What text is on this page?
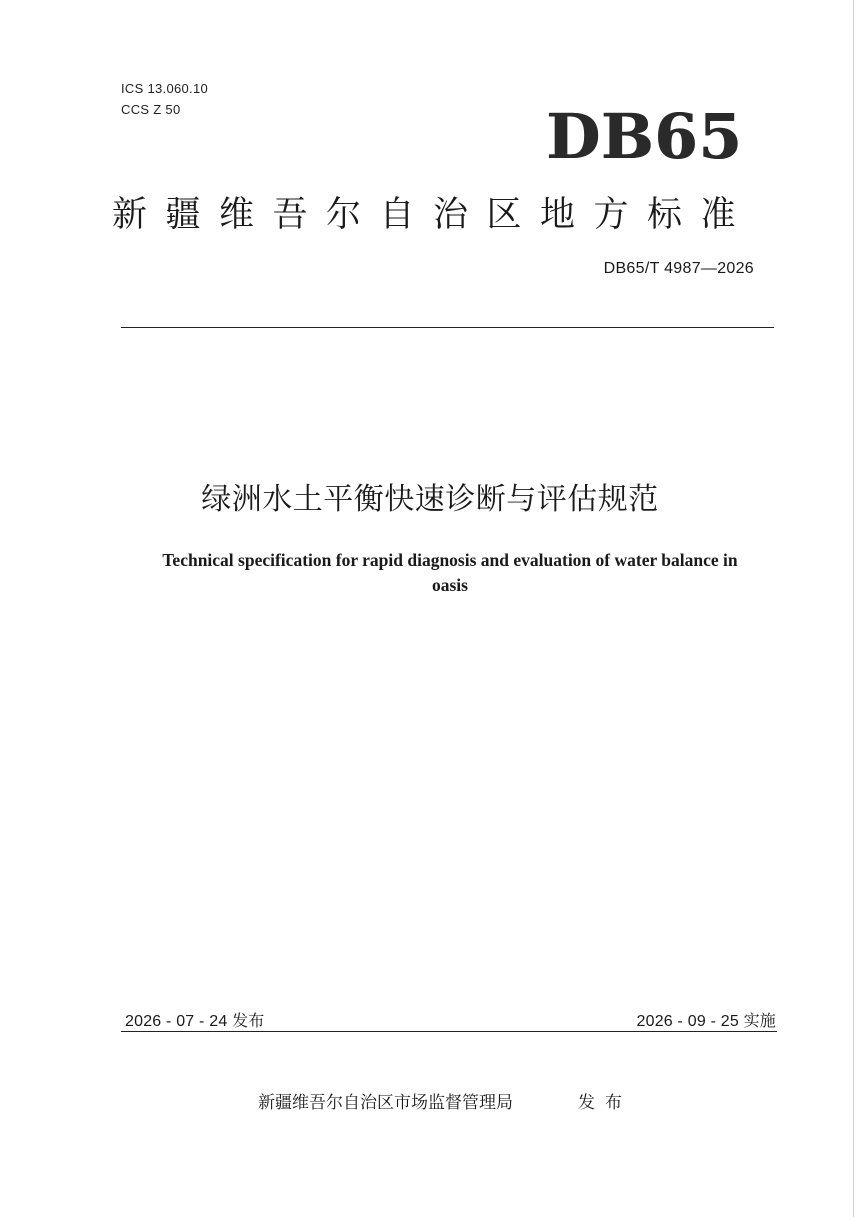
ICS 13.060.10
CCS Z 50	DB65
新疆维吾尔自治区地方标准
DB65/T 4987—2026
绿洲水土平衡快速诊断与评估规范
Technical specification for rapid diagnosis and evaluation of water balance in
oasis
2026 - 07 - 24 发布	2026 - 09 - 25 实施
新疆维吾尔自治区市场监督管理局	发布
